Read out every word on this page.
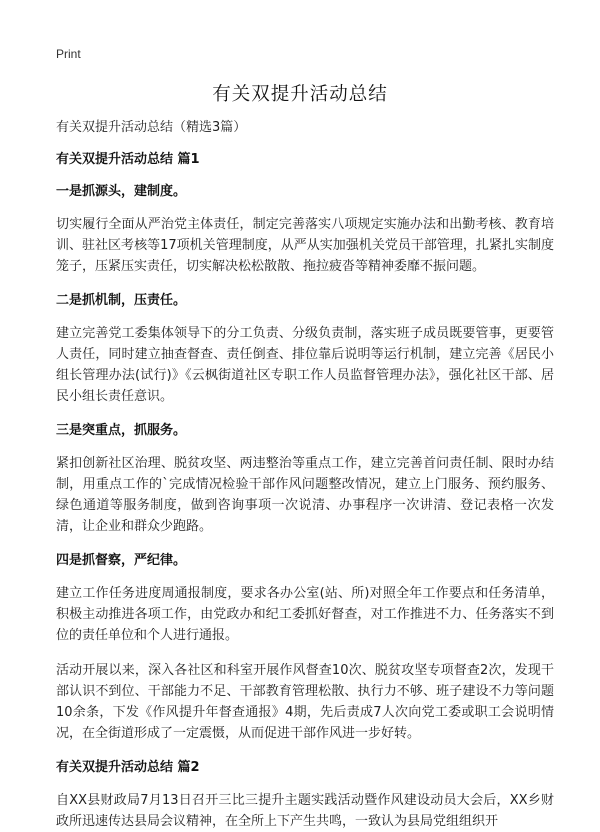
Print
有关双提升活动总结
有关双提升活动总结（精选3篇）
有关双提升活动总结 篇1
一是抓源头，建制度。
切实履行全面从严治党主体责任，制定完善落实八项规定实施办法和出勤考核、教育培训、驻社区考核等17项机关管理制度，从严从实加强机关党员干部管理，扎紧扎实制度笼子，压紧压实责任，切实解决松松散散、拖拉疲沓等精神委靡不振问题。
二是抓机制，压责任。
建立完善党工委集体领导下的分工负责、分级负责制，落实班子成员既要管事，更要管人责任，同时建立抽查督查、责任倒查、排位靠后说明等运行机制，建立完善《居民小组长管理办法(试行)》《云枫街道社区专职工作人员监督管理办法》，强化社区干部、居民小组长责任意识。
三是突重点，抓服务。
紧扣创新社区治理、脱贫攻坚、两违整治等重点工作，建立完善首问责任制、限时办结制，用重点工作的`完成情况检验干部作风问题整改情况，建立上门服务、预约服务、绿色通道等服务制度，做到咨询事项一次说清、办事程序一次讲清、登记表格一次发清，让企业和群众少跑路。
四是抓督察，严纪律。
建立工作任务进度周通报制度，要求各办公室(站、所)对照全年工作要点和任务清单，积极主动推进各项工作，由党政办和纪工委抓好督查，对工作推进不力、任务落实不到位的责任单位和个人进行通报。
活动开展以来，深入各社区和科室开展作风督查10次、脱贫攻坚专项督查2次，发现干部认识不到位、干部能力不足、干部教育管理松散、执行力不够、班子建设不力等问题10余条，下发《作风提升年督查通报》4期，先后责成7人次向党工委或职工会说明情况，在全街道形成了一定震慑，从而促进干部作风进一步好转。
有关双提升活动总结 篇2
自XX县财政局7月13日召开三比三提升主题实践活动暨作风建设动员大会后，XX乡财政所迅速传达县局会议精神，在全所上下产生共鸣，一致认为县局党组组织开
